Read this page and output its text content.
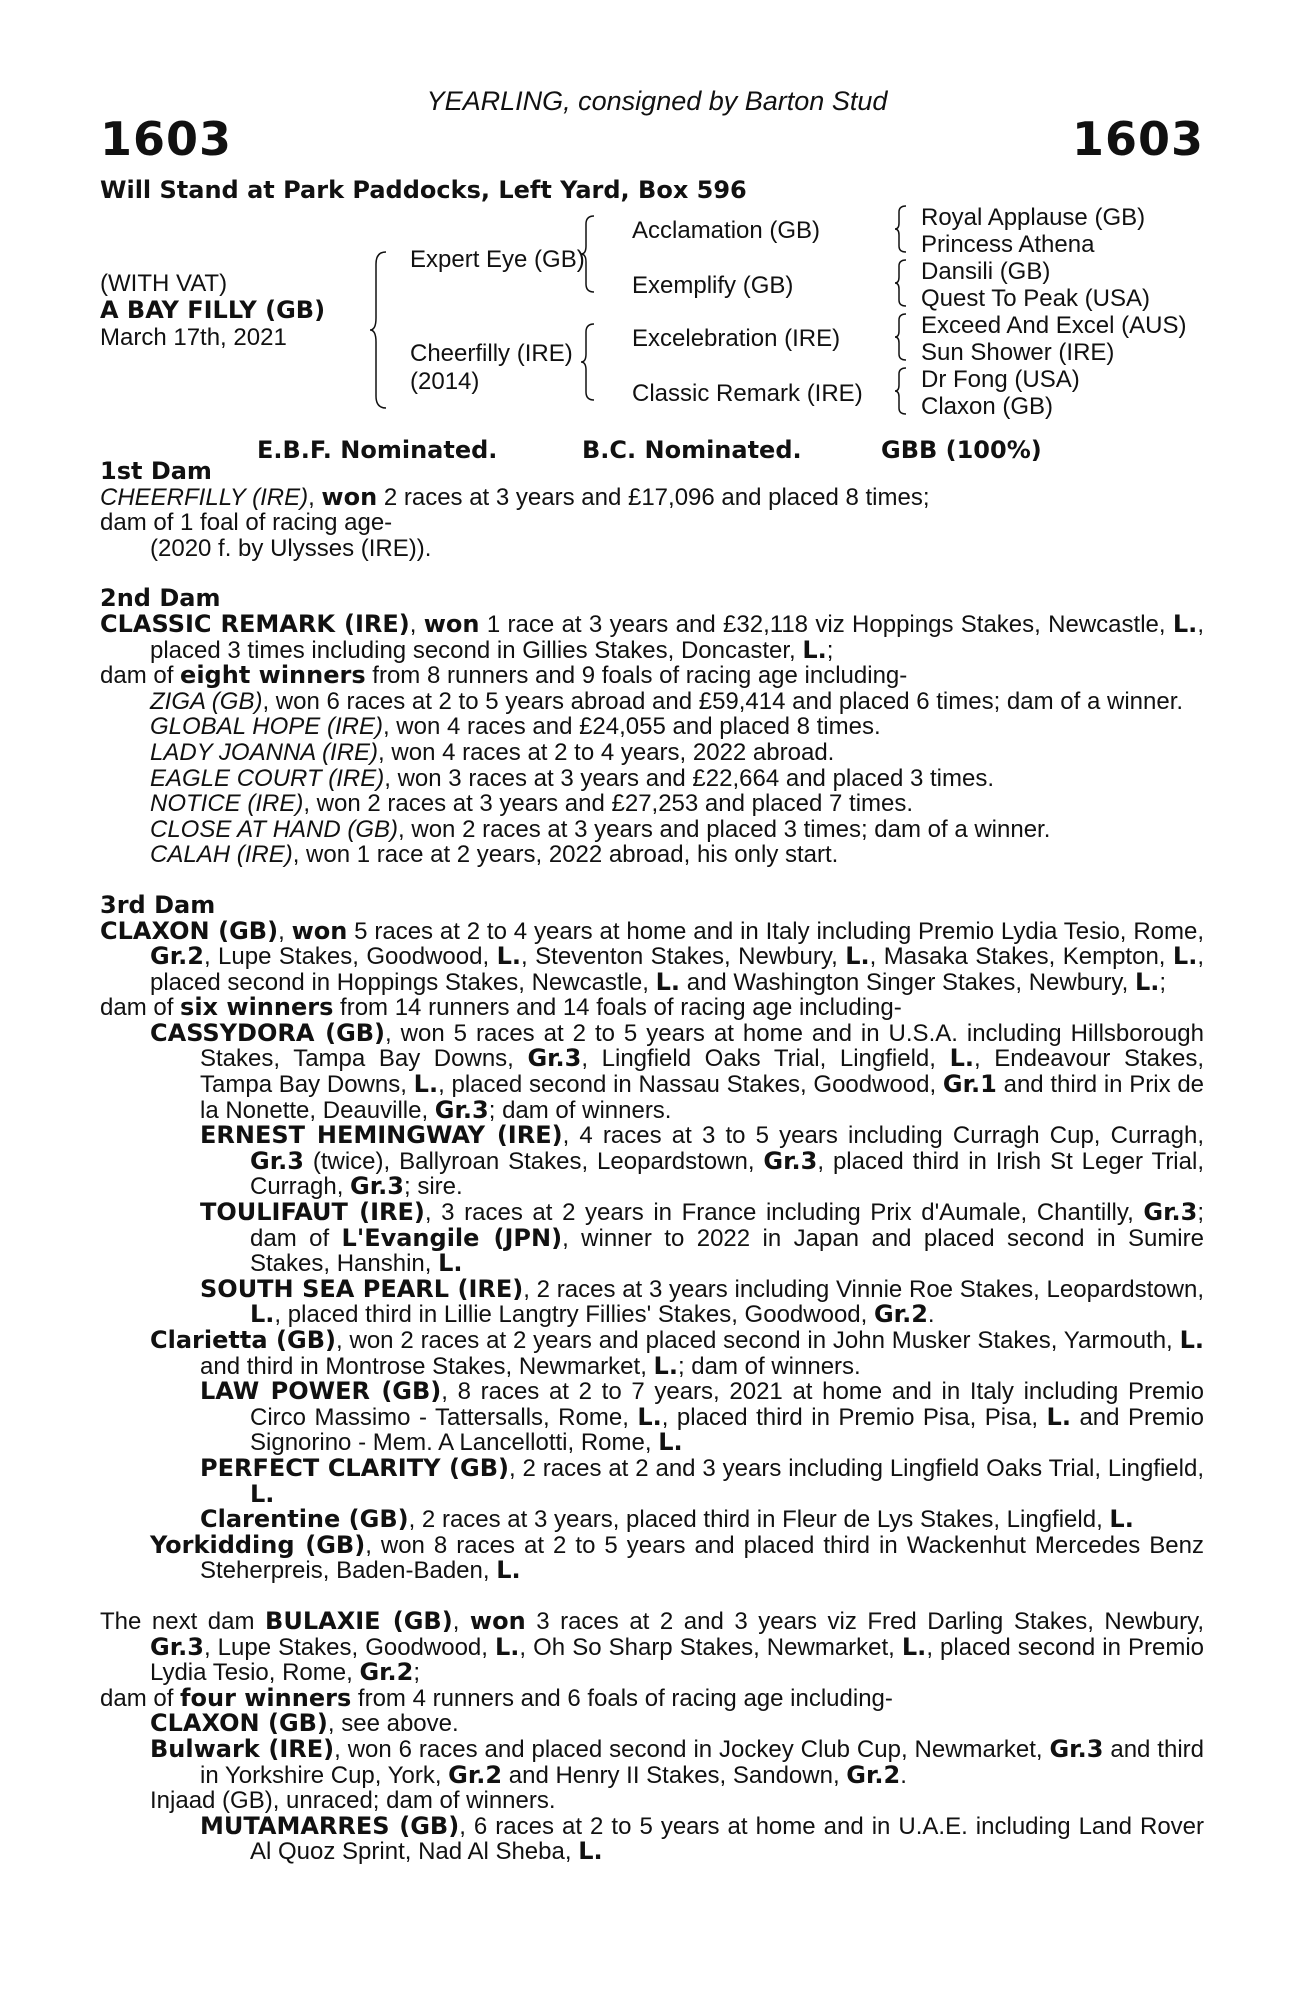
YEARLING, consigned by Barton Stud
1603	1603
Will Stand at Park Paddocks, Left Yard, Box 596
(WITH VAT)
A BAY FILLY (GB)
March 17th, 2021
Expert Eye (GB)
Cheerfilly (IRE)
(2014)
Acclamation (GB)
Exemplify (GB)
Excelebration (IRE)
Classic Remark (IRE)
Royal Applause (GB)
Princess Athena
Dansili (GB)
Quest To Peak (USA)
Exceed And Excel (AUS)
Sun Shower (IRE)
Dr Fong (USA)
Claxon (GB)
E.B.F. Nominated.	B.C. Nominated.	GBB (100%)
1st Dam
CHEERFILLY (IRE), won 2 races at 3 years and £17,096 and placed 8 times;
dam of 1 foal of racing age-
(2020 f. by Ulysses (IRE)).
2nd Dam
CLASSIC REMARK (IRE), won 1 race at 3 years and £32,118 viz Hoppings Stakes, Newcastle, L., placed 3 times including second in Gillies Stakes, Doncaster, L.;
dam of eight winners from 8 runners and 9 foals of racing age including-
ZIGA (GB), won 6 races at 2 to 5 years abroad and £59,414 and placed 6 times; dam of a winner.
GLOBAL HOPE (IRE), won 4 races and £24,055 and placed 8 times.
LADY JOANNA (IRE), won 4 races at 2 to 4 years, 2022 abroad.
EAGLE COURT (IRE), won 3 races at 3 years and £22,664 and placed 3 times.
NOTICE (IRE), won 2 races at 3 years and £27,253 and placed 7 times.
CLOSE AT HAND (GB), won 2 races at 3 years and placed 3 times; dam of a winner.
CALAH (IRE), won 1 race at 2 years, 2022 abroad, his only start.
3rd Dam
CLAXON (GB), won 5 races at 2 to 4 years at home and in Italy including Premio Lydia Tesio, Rome, Gr.2, Lupe Stakes, Goodwood, L., Steventon Stakes, Newbury, L., Masaka Stakes, Kempton, L., placed second in Hoppings Stakes, Newcastle, L. and Washington Singer Stakes, Newbury, L.;
dam of six winners from 14 runners and 14 foals of racing age including-
CASSYDORA (GB), won 5 races at 2 to 5 years at home and in U.S.A. including Hillsborough Stakes, Tampa Bay Downs, Gr.3, Lingfield Oaks Trial, Lingfield, L., Endeavour Stakes, Tampa Bay Downs, L., placed second in Nassau Stakes, Goodwood, Gr.1 and third in Prix de la Nonette, Deauville, Gr.3; dam of winners.
ERNEST HEMINGWAY (IRE), 4 races at 3 to 5 years including Curragh Cup, Curragh, Gr.3 (twice), Ballyroan Stakes, Leopardstown, Gr.3, placed third in Irish St Leger Trial, Curragh, Gr.3; sire.
TOULIFAUT (IRE), 3 races at 2 years in France including Prix d'Aumale, Chantilly, Gr.3; dam of L'Evangile (JPN), winner to 2022 in Japan and placed second in Sumire Stakes, Hanshin, L.
SOUTH SEA PEARL (IRE), 2 races at 3 years including Vinnie Roe Stakes, Leopardstown, L., placed third in Lillie Langtry Fillies' Stakes, Goodwood, Gr.2.
Clarietta (GB), won 2 races at 2 years and placed second in John Musker Stakes, Yarmouth, L. and third in Montrose Stakes, Newmarket, L.; dam of winners.
LAW POWER (GB), 8 races at 2 to 7 years, 2021 at home and in Italy including Premio Circo Massimo - Tattersalls, Rome, L., placed third in Premio Pisa, Pisa, L. and Premio Signorino - Mem. A Lancellotti, Rome, L.
PERFECT CLARITY (GB), 2 races at 2 and 3 years including Lingfield Oaks Trial, Lingfield, L.
Clarentine (GB), 2 races at 3 years, placed third in Fleur de Lys Stakes, Lingfield, L.
Yorkidding (GB), won 8 races at 2 to 5 years and placed third in Wackenhut Mercedes Benz Steherpreis, Baden-Baden, L.
The next dam BULAXIE (GB), won 3 races at 2 and 3 years viz Fred Darling Stakes, Newbury, Gr.3, Lupe Stakes, Goodwood, L., Oh So Sharp Stakes, Newmarket, L., placed second in Premio Lydia Tesio, Rome, Gr.2;
dam of four winners from 4 runners and 6 foals of racing age including-
CLAXON (GB), see above.
Bulwark (IRE), won 6 races and placed second in Jockey Club Cup, Newmarket, Gr.3 and third in Yorkshire Cup, York, Gr.2 and Henry II Stakes, Sandown, Gr.2.
Injaad (GB), unraced; dam of winners.
MUTAMARRES (GB), 6 races at 2 to 5 years at home and in U.A.E. including Land Rover Al Quoz Sprint, Nad Al Sheba, L.
